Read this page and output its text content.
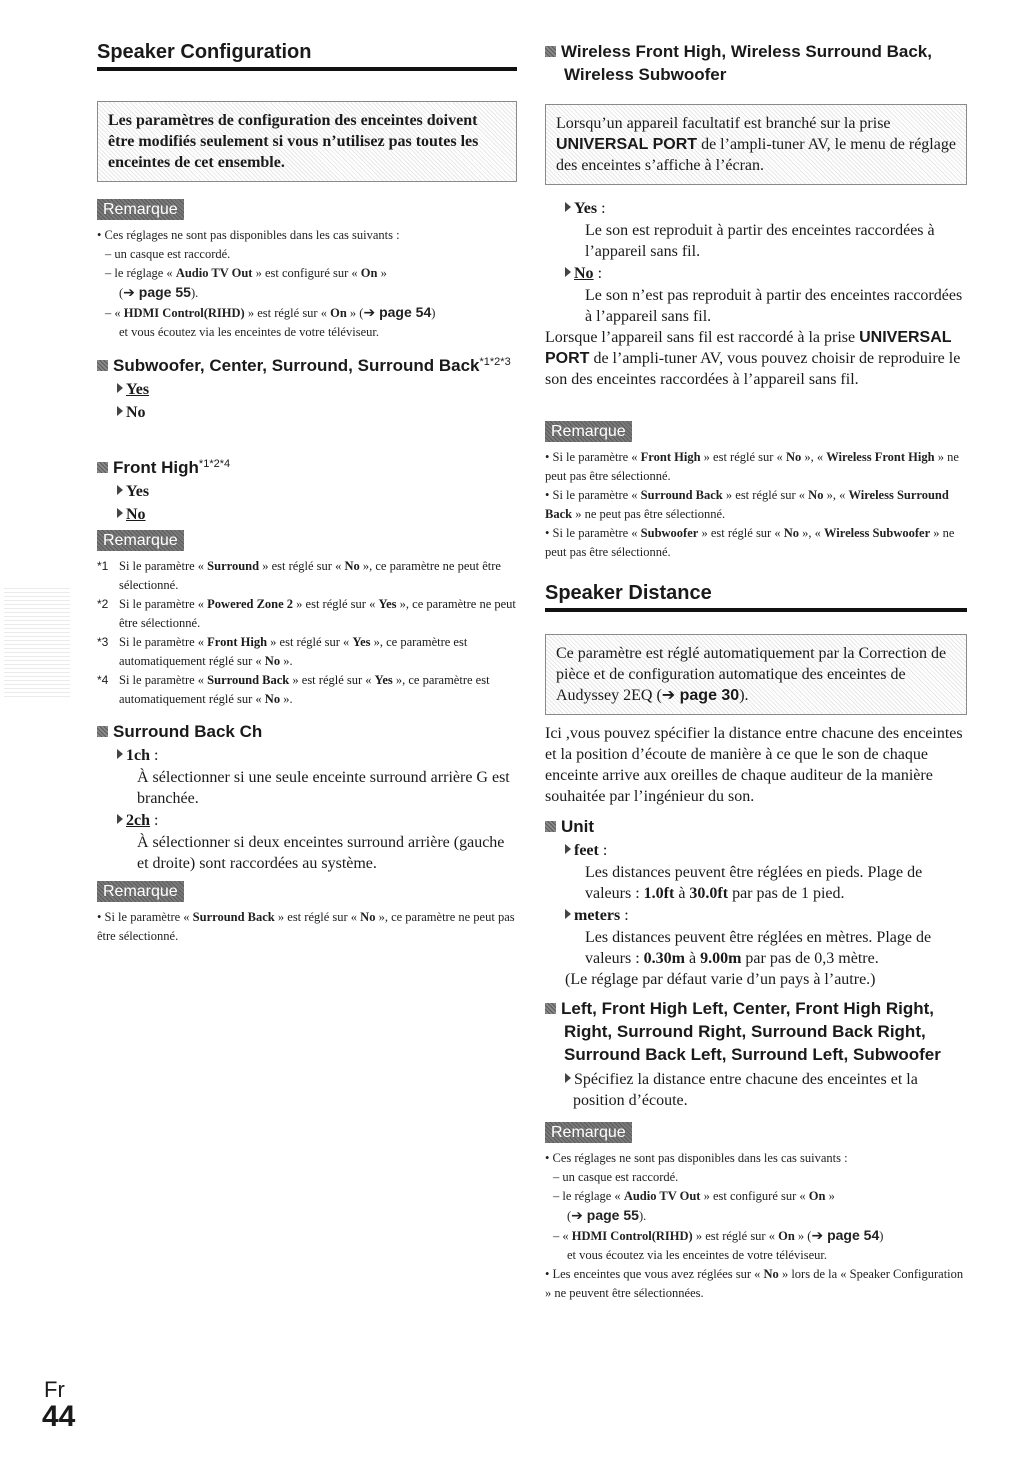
Speaker Configuration
Les paramètres de configuration des enceintes doivent être modifiés seulement si vous n’utilisez pas toutes les enceintes de cet ensemble.
Remarque

• Ces réglages ne sont pas disponibles dans les cas suivants :

– un casque est raccordé.

– le réglage « Audio TV Out » est configuré sur « On »

(➔ page 55).

– « HDMI Control(RIHD) » est réglé sur « On » (➔ page 54)

et vous écoutez via les enceintes de votre téléviseur.

Subwoofer, Center, Surround, Surround Back$^{*1*2*3}$

Yes
No

Front High$^{*1*2*4}$

Yes
No
Remarque
*1 Si le paramètre « Surround » est réglé sur « No », ce paramètre ne peut être sélectionné.
*2 Si le paramètre « Powered Zone 2 » est réglé sur « Yes », ce paramètre ne peut être sélectionné.
*3 Si le paramètre « Front High » est réglé sur « Yes », ce paramètre est automatiquement réglé sur « No ».
*4 Si le paramètre « Surround Back » est réglé sur « Yes », ce paramètre est automatiquement réglé sur « No ».

Surround Back Ch

1ch :
À sélectionner si une seule enceinte surround arrière G est branchée.
2ch :
À sélectionner si deux enceintes surround arrière (gauche et droite) sont raccordées au système.
Remarque

• Si le paramètre « Surround Back » est réglé sur « No », ce paramètre ne peut pas être sélectionné.

Wireless Front High, Wireless Surround Back, Wireless Subwoofer

Lorsqu’un appareil facultatif est branché sur la prise UNIVERSAL PORT de l’ampli-tuner AV, le menu de réglage des enceintes s’affiche à l’écran.
Yes :
Le son est reproduit à partir des enceintes raccordées à l’appareil sans fil.
No :
Le son n’est pas reproduit à partir des enceintes raccordées à l’appareil sans fil.
Lorsque l’appareil sans fil est raccordé à la prise UNIVERSAL PORT de l’ampli-tuner AV, vous pouvez choisir de reproduire le son des enceintes raccordées à l’appareil sans fil.
Remarque

• Si le paramètre « Front High » est réglé sur « No », « Wireless Front High » ne peut pas être sélectionné.

• Si le paramètre « Surround Back » est réglé sur « No », « Wireless Surround Back » ne peut pas être sélectionné.

• Si le paramètre « Subwoofer » est réglé sur « No », « Wireless Subwoofer » ne peut pas être sélectionné.

Speaker Distance
Ce paramètre est réglé automatiquement par la Correction de pièce et de configuration automatique des enceintes de Audyssey 2EQ (➔ page 30).
Ici ,vous pouvez spécifier la distance entre chacune des enceintes et la position d’écoute de manière à ce que le son de chaque enceinte arrive aux oreilles de chaque auditeur de la manière souhaitée par l’ingénieur du son.

Unit

feet :
Les distances peuvent être réglées en pieds. Plage de valeurs : 1.0ft à 30.0ft par pas de 1 pied.
meters :
Les distances peuvent être réglées en mètres. Plage de valeurs : 0.30m à 9.00m par pas de 0,3 mètre.
(Le réglage par défaut varie d’un pays à l’autre.)

Left, Front High Left, Center, Front High Right, Right, Surround Right, Surround Back Right, Surround Back Left, Surround Left, Subwoofer

Spécifiez la distance entre chacune des enceintes et la position d’écoute.
Remarque

• Ces réglages ne sont pas disponibles dans les cas suivants :

– un casque est raccordé.

– le réglage « Audio TV Out » est configuré sur « On »

(➔ page 55).

– « HDMI Control(RIHD) » est réglé sur « On » (➔ page 54)

et vous écoutez via les enceintes de votre téléviseur.

• Les enceintes que vous avez réglées sur « No » lors de la « Speaker Configuration » ne peuvent être sélectionnées.

Fr
44
